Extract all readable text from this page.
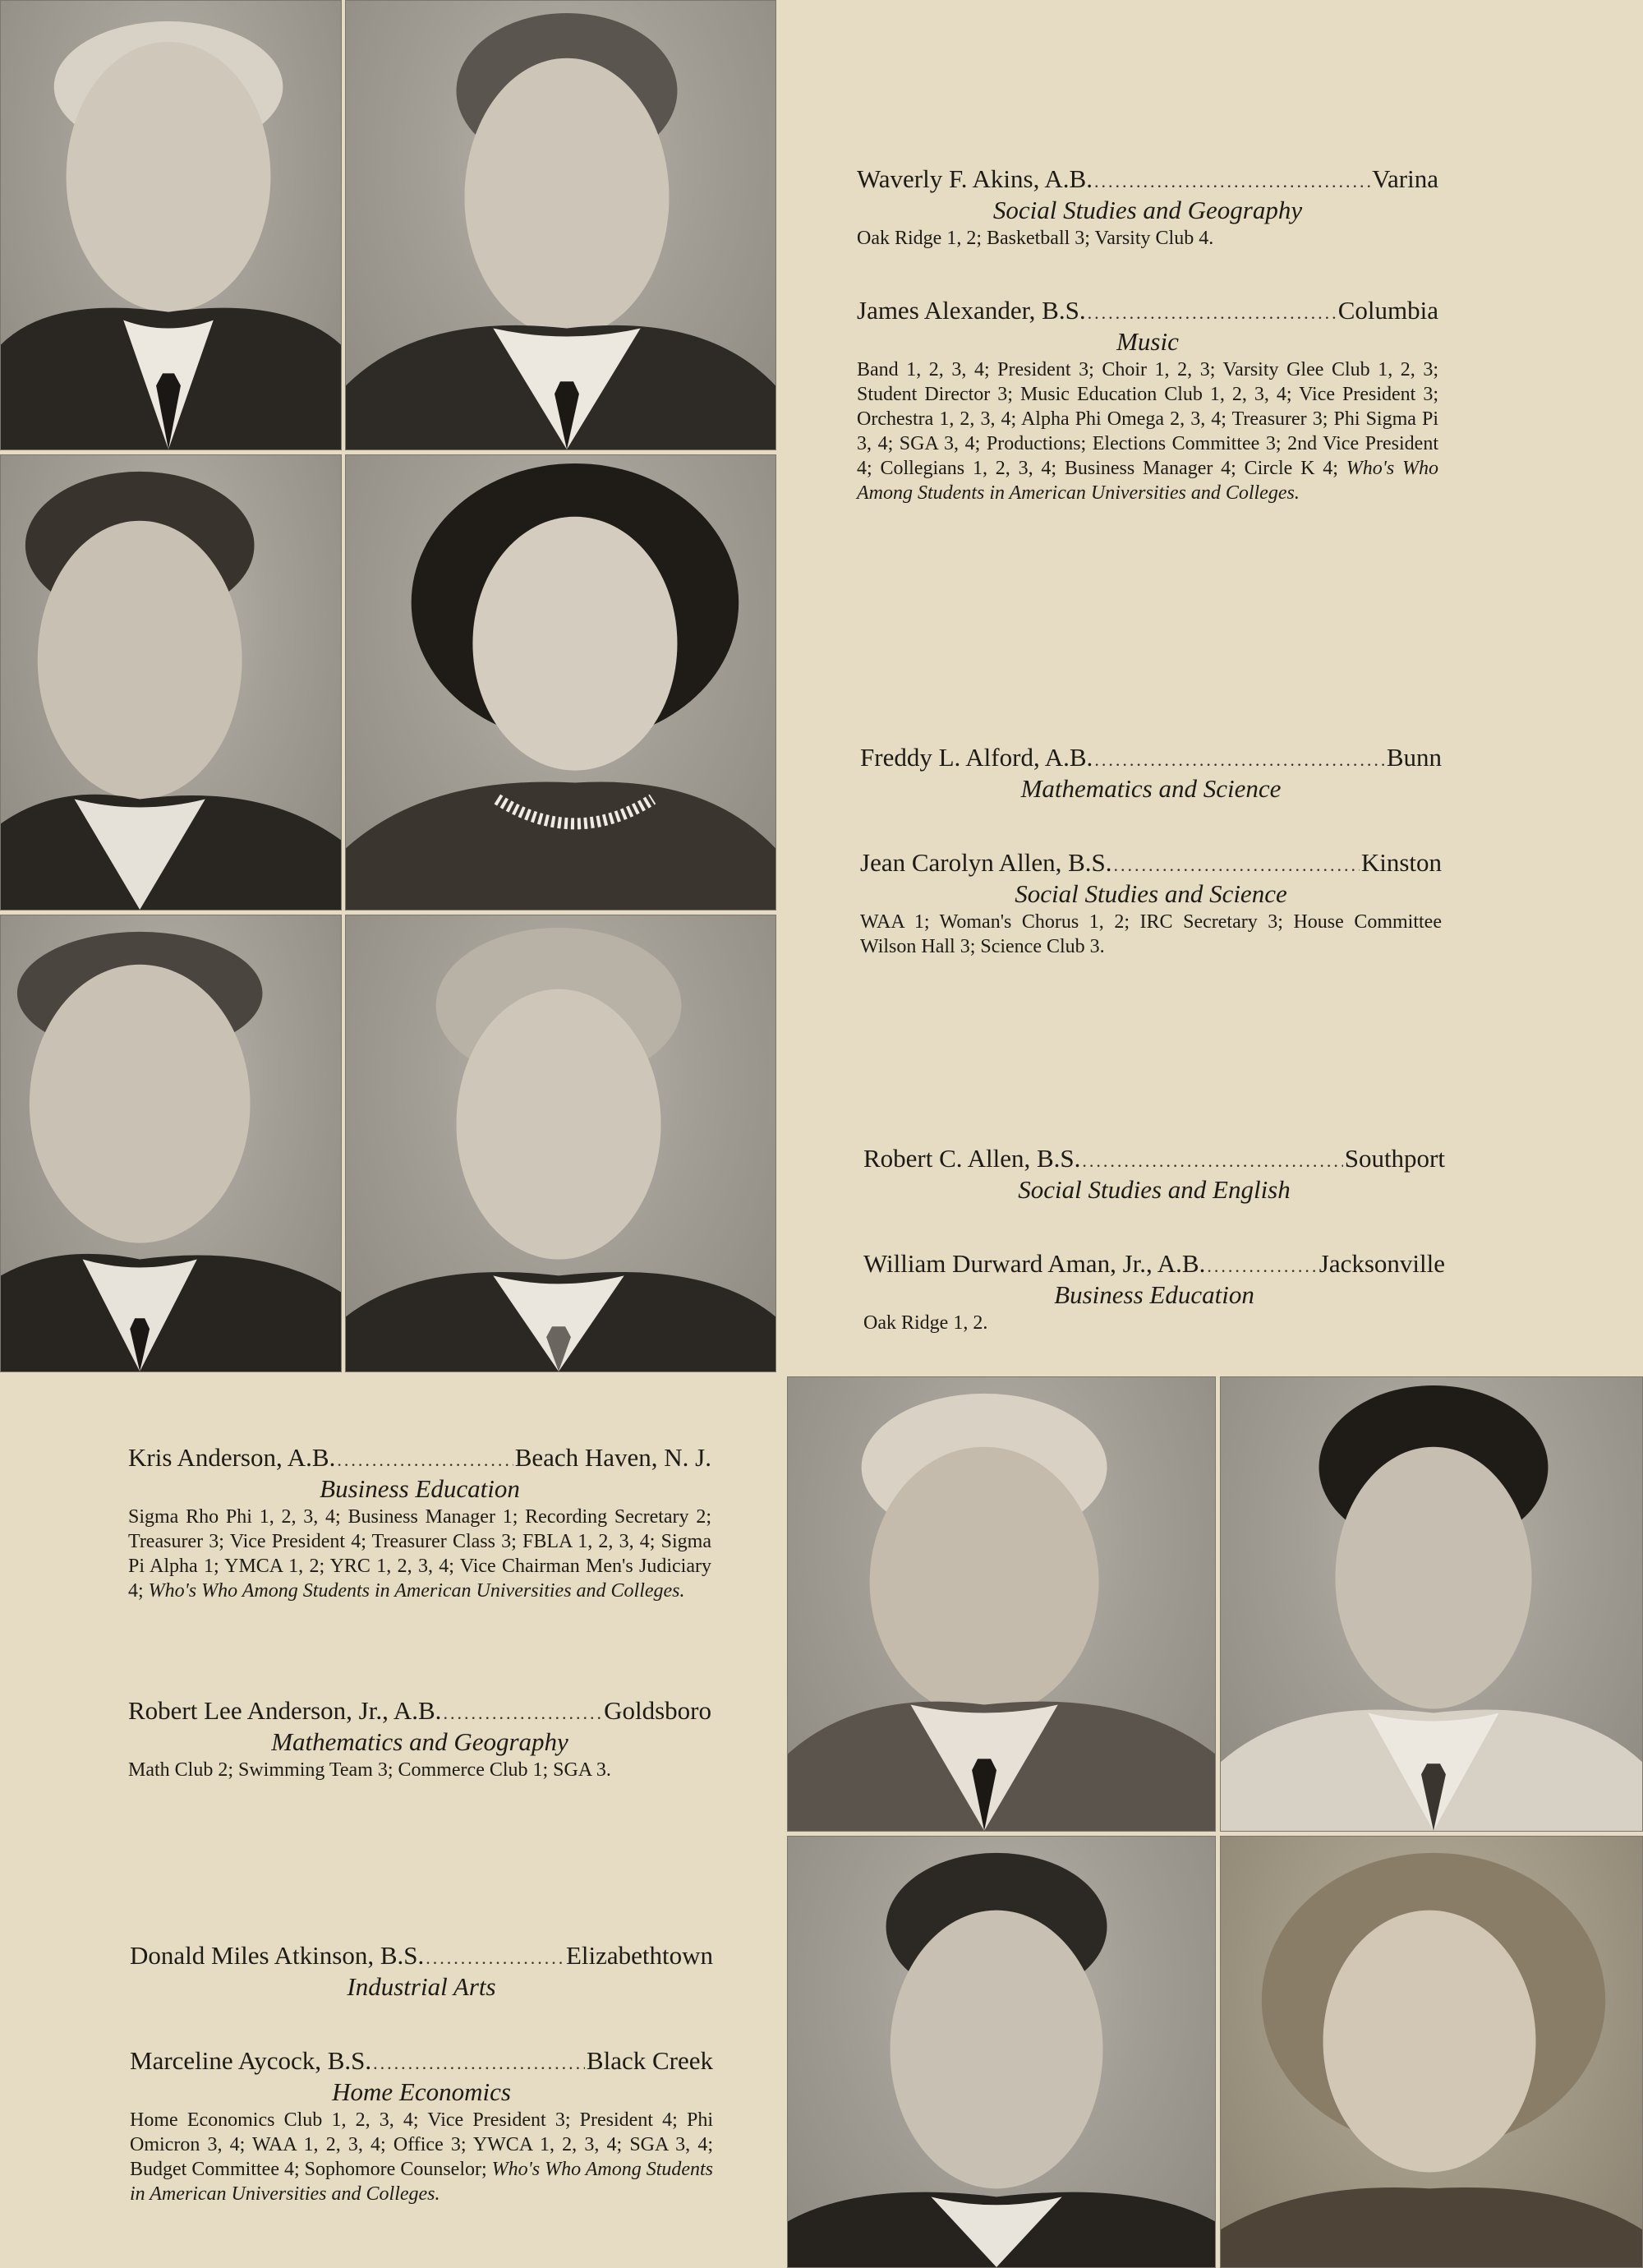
Waverly F. Akins, A.B. .....	Varina
Social Studies and Geography
Oak Ridge 1, 2; Basketball 3; Varsity Club 4.
James Alexander, B.S. .....	Columbia
Music
Band 1, 2, 3, 4; President 3; Choir 1, 2, 3; Varsity Glee Club 1, 2, 3; Student Director 3; Music Education Club 1, 2, 3, 4; Vice President 3; Orchestra 1, 2, 3, 4; Alpha Phi Omega 2, 3, 4; Treasurer 3; Phi Sigma Pi 3, 4; SGA 3, 4; Productions; Elections Committee 3; 2nd Vice President 4; Collegians 1, 2, 3, 4; Business Manager 4; Circle K 4; Who's Who Among Students in American Universities and Colleges.
Freddy L. Alford, A.B. .....	Bunn
Mathematics and Science
Jean Carolyn Allen, B.S. .....	Kinston
Social Studies and Science
WAA 1; Woman's Chorus 1, 2; IRC Secretary 3; House Committee Wilson Hall 3; Science Club 3.
Robert C. Allen, B.S. .....	Southport
Social Studies and English
William Durward Aman, Jr., A.B. .....	Jacksonville
Business Education
Oak Ridge 1, 2.
Kris Anderson, A.B. .....	Beach Haven, N. J.
Business Education
Sigma Rho Phi 1, 2, 3, 4; Business Manager 1; Recording Secretary 2; Treasurer 3; Vice President 4; Treasurer Class 3; FBLA 1, 2, 3, 4; Sigma Pi Alpha 1; YMCA 1, 2; YRC 1, 2, 3, 4; Vice Chairman Men's Judiciary 4; Who's Who Among Students in American Universities and Colleges.
Robert Lee Anderson, Jr., A.B. .....	Goldsboro
Mathematics and Geography
Math Club 2; Swimming Team 3; Commerce Club 1; SGA 3.
Donald Miles Atkinson, B.S. .....	Elizabethtown
Industrial Arts
Marceline Aycock, B.S. .....	Black Creek
Home Economics
Home Economics Club 1, 2, 3, 4; Vice President 3; President 4; Phi Omicron 3, 4; WAA 1, 2, 3, 4; Office 3; YWCA 1, 2, 3, 4; SGA 3, 4; Budget Committee 4; Sophomore Counselor; Who's Who Among Students in American Universities and Colleges.
